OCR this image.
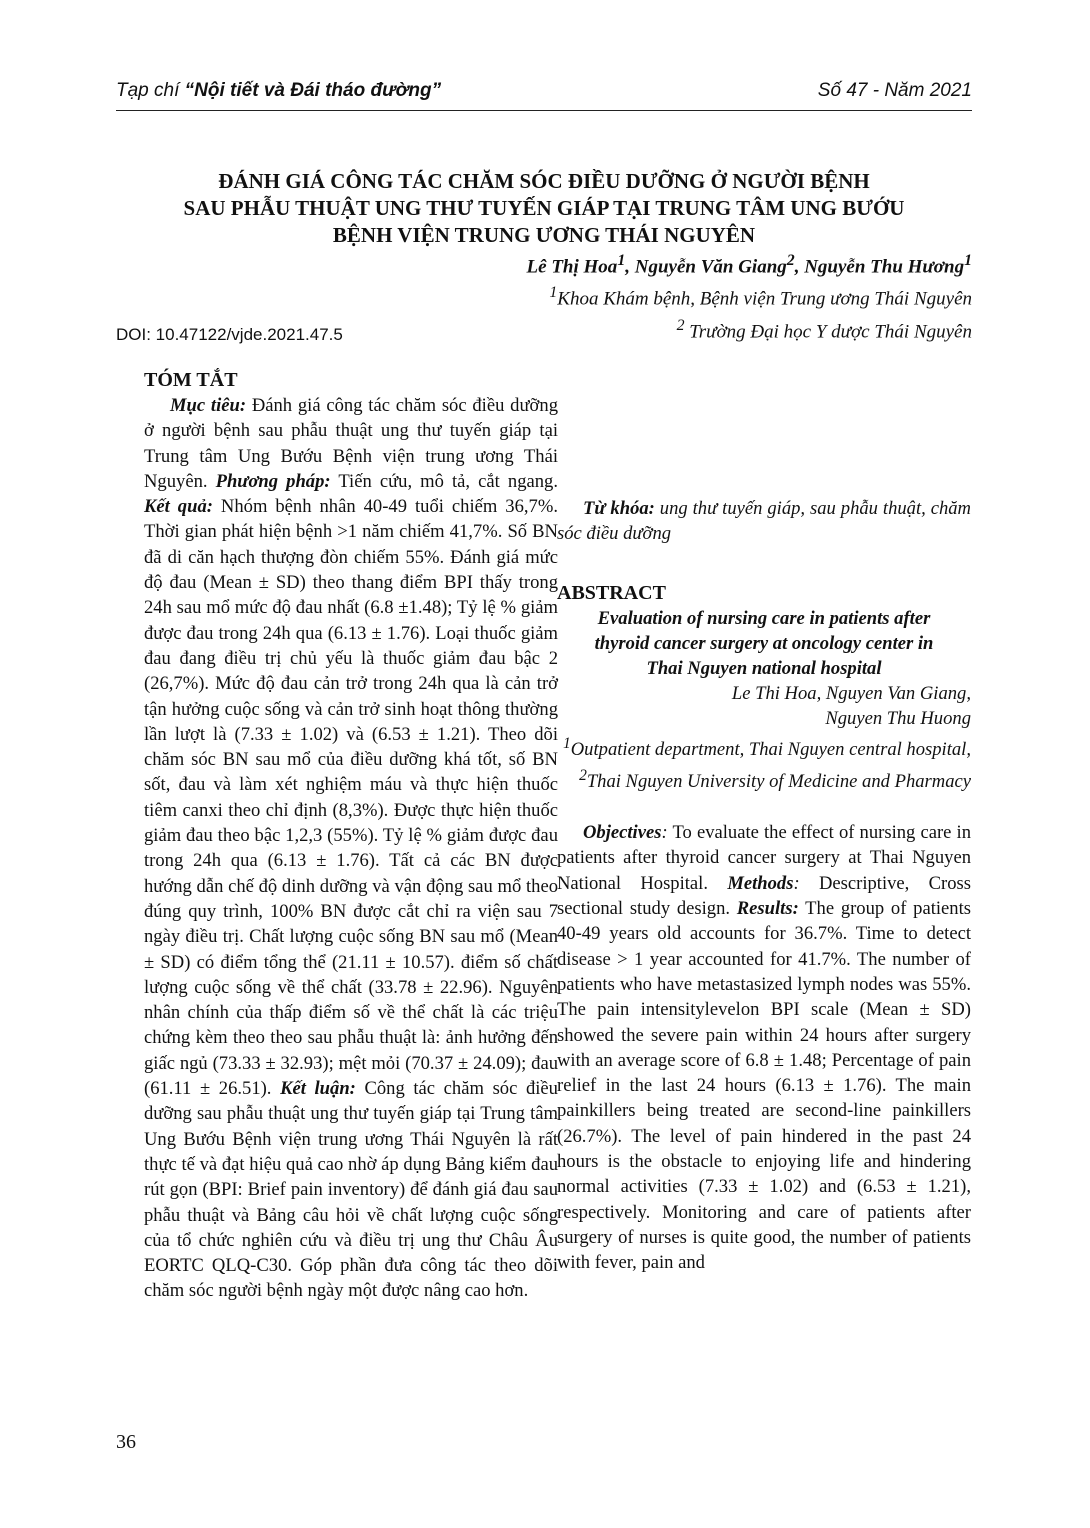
Tạp chí “Nội tiết và Đái tháo đường”	Số 47 - Năm 2021
ĐÁNH GIÁ CÔNG TÁC CHĂM SÓC ĐIỀU DƯỠNG Ở NGƯỜI BỆNH
SAU PHẪU THUẬT UNG THƯ TUYẾN GIÁP TẠI TRUNG TÂM UNG BƯỚU
BỆNH VIỆN TRUNG ƯƠNG THÁI NGUYÊN
Lê Thị Hoa$^1$, Nguyễn Văn Giang$^2$, Nguyễn Thu Hương$^1$
$^1$Khoa Khám bệnh, Bệnh viện Trung ương Thái Nguyên
$^2$ Trường Đại học Y dược Thái Nguyên
DOI: 10.47122/vjde.2021.47.5

TÓM TẮT

Mục tiêu: Đánh giá công tác chăm sóc điều dưỡng ở người bệnh sau phẫu thuật ung thư tuyến giáp tại Trung tâm Ung Bướu Bệnh viện trung ương Thái Nguyên. Phương pháp: Tiến cứu, mô tả, cắt ngang. Kết quả: Nhóm bệnh nhân 40-49 tuổi chiếm 36,7%. Thời gian phát hiện bệnh >1 năm chiếm 41,7%. Số BN đã di căn hạch thượng đòn chiếm 55%. Đánh giá mức độ đau (Mean ± SD) theo thang điểm BPI thấy trong 24h sau mổ mức độ đau nhất (6.8 ±1.48); Tỷ lệ % giảm được đau trong 24h qua (6.13 ± 1.76). Loại thuốc giảm đau đang điều trị chủ yếu là thuốc giảm đau bậc 2 (26,7%). Mức độ đau cản trở trong 24h qua là cản trở tận hưởng cuộc sống và cản trở sinh hoạt thông thường lần lượt là (7.33 ± 1.02) và (6.53 ± 1.21). Theo dõi chăm sóc BN sau mổ của điều dưỡng khá tốt, số BN sốt, đau và làm xét nghiệm máu và thực hiện thuốc tiêm canxi theo chỉ định (8,3%). Được thực hiện thuốc giảm đau theo bậc 1,2,3 (55%). Tỷ lệ % giảm được đau trong 24h qua (6.13 ± 1.76). Tất cả các BN được hướng dẫn chế độ dinh dưỡng và vận động sau mổ theo đúng quy trình, 100% BN được cắt chỉ ra viện sau 7 ngày điều trị. Chất lượng cuộc sống BN sau mổ (Mean ± SD) có điểm tổng thể (21.11 ± 10.57). điểm số chất lượng cuộc sống về thể chất (33.78 ± 22.96). Nguyên nhân chính của thấp điểm số về thể chất là các triệu chứng kèm theo theo sau phẫu thuật là: ảnh hưởng đến giấc ngủ (73.33 ± 32.93); mệt mỏi (70.37 ± 24.09); đau (61.11 ± 26.51). Kết luận: Công tác chăm sóc điều dưỡng sau phẫu thuật ung thư tuyến giáp tại Trung tâm Ung Bướu Bệnh viện trung ương Thái Nguyên là rất thực tế và đạt hiệu quả cao nhờ áp dụng Bảng kiểm đau rút gọn (BPI: Brief pain inventory) để đánh giá đau sau phẫu thuật và Bảng câu hỏi về chất lượng cuộc sống của tổ chức nghiên cứu và điều trị ung thư Châu Âu EORTC QLQ-C30. Góp phần đưa công tác theo dõi chăm sóc người bệnh ngày một được nâng cao hơn.

Từ khóa: ung thư tuyến giáp, sau phẫu thuật, chăm sóc điều dưỡng

ABSTRACT

Evaluation of nursing care in patients after
thyroid cancer surgery at oncology center in
Thai Nguyen national hospital
Le Thi Hoa, Nguyen Van Giang,
Nguyen Thu Huong
$^1$Outpatient department, Thai Nguyen central hospital, $^2$Thai Nguyen University of Medicine and Pharmacy

Objectives: To evaluate the effect of nursing care in patients after thyroid cancer surgery at Thai Nguyen National Hospital. Methods: Descriptive, Cross sectional study design. Results: The group of patients 40-49 years old accounts for 36.7%. Time to detect disease > 1 year accounted for 41.7%. The number of patients who have metastasized lymph nodes was 55%. The pain intensitylevelon BPI scale (Mean ± SD) showed the severe pain within 24 hours after surgery with an average score of 6.8 ± 1.48; Percentage of pain relief in the last 24 hours (6.13 ± 1.76). The main painkillers being treated are second-line painkillers (26.7%). The level of pain hindered in the past 24 hours is the obstacle to enjoying life and hindering normal activities (7.33 ± 1.02) and (6.53 ± 1.21), respectively. Monitoring and care of patients after surgery of nurses is quite good, the number of patients with fever, pain and

36
